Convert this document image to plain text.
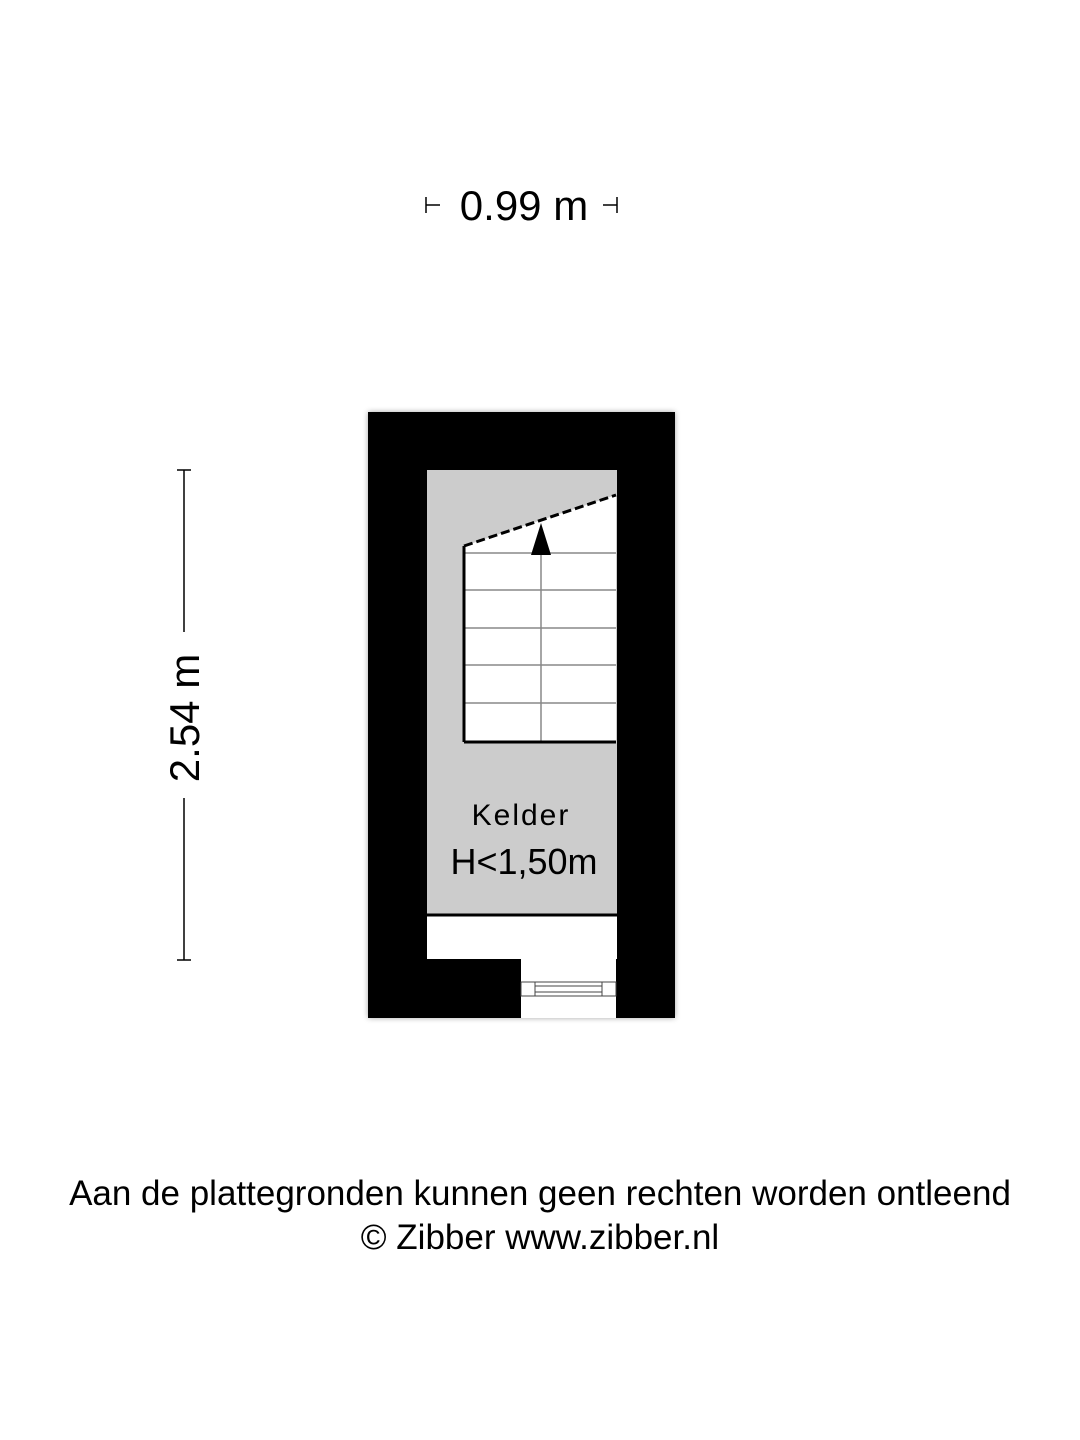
0.99 m
2.54 m
Kelder
H<1,50m
Aan de plattegronden kunnen geen rechten worden ontleend
© Zibber www.zibber.nl
